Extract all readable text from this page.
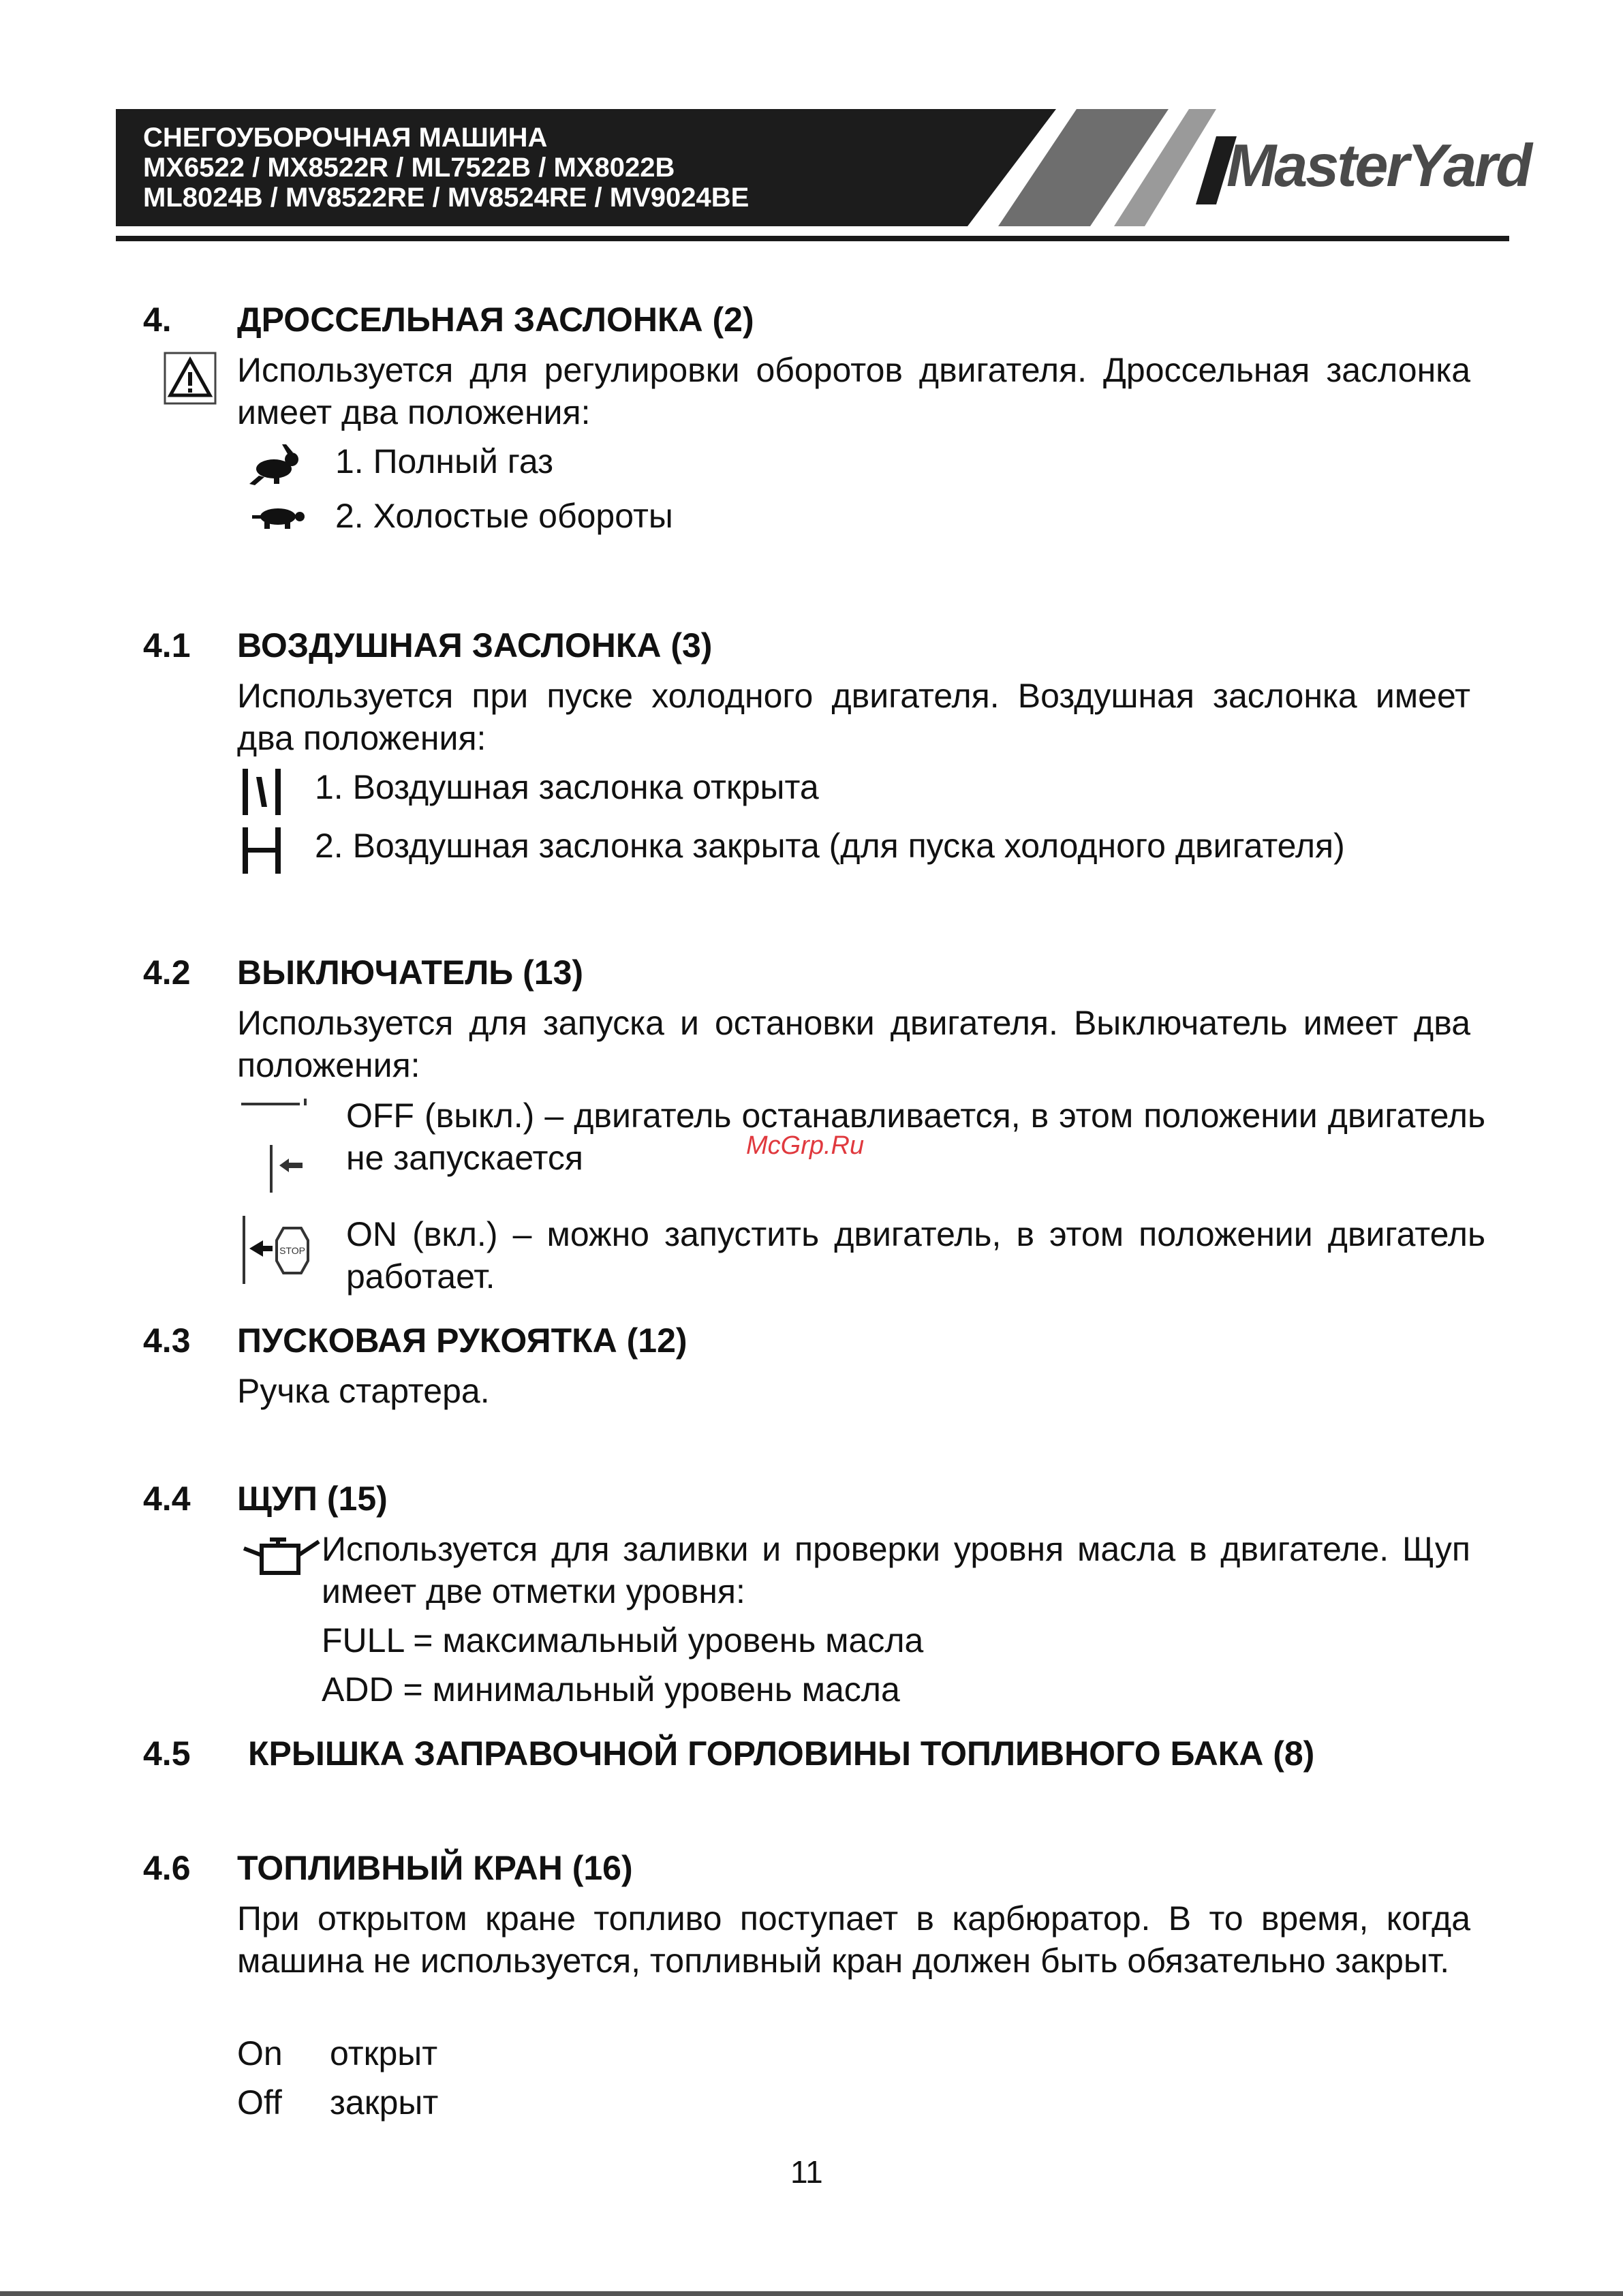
СНЕГОУБОРОЧНАЯ МАШИНА
MX6522 / MX8522R / ML7522B / MX8022B
ML8024B / MV8522RE / MV8524RE / MV9024BE	MasterYard
4. ДРОССЕЛЬНАЯ ЗАСЛОНКА (2)
Используется для регулировки оборотов двигателя. Дроссельная заслонка имеет два положения:
1. Полный газ
2. Холостые обороты
4.1 ВОЗДУШНАЯ ЗАСЛОНКА (3)
Используется при пуске холодного двигателя. Воздушная заслонка имеет два положения:
1. Воздушная заслонка открыта
2. Воздушная заслонка закрыта (для пуска холодного двигателя)
4.2 ВЫКЛЮЧАТЕЛЬ (13)
Используется для запуска и остановки двигателя. Выключатель имеет два положения:
OFF (выкл.) – двигатель останавливается, в этом положении двигатель не запускается	McGrp.Ru
STOP ON (вкл.) – можно запустить двигатель, в этом положении двигатель работает.
4.3 ПУСКОВАЯ РУКОЯТКА (12)
Ручка стартера.
4.4 ЩУП (15)
Используется для заливки и проверки уровня масла в двигателе. Щуп имеет две отметки уровня:
FULL = максимальный уровень масла
ADD = минимальный уровень масла
4.5 КРЫШКА ЗАПРАВОЧНОЙ ГОРЛОВИНЫ ТОПЛИВНОГО БАКА (8)
4.6 ТОПЛИВНЫЙ КРАН (16)
При открытом кране топливо поступает в карбюратор. В то время, когда машина не используется, топливный кран должен быть обязательно закрыт.
On открыт
Off закрыт
11
